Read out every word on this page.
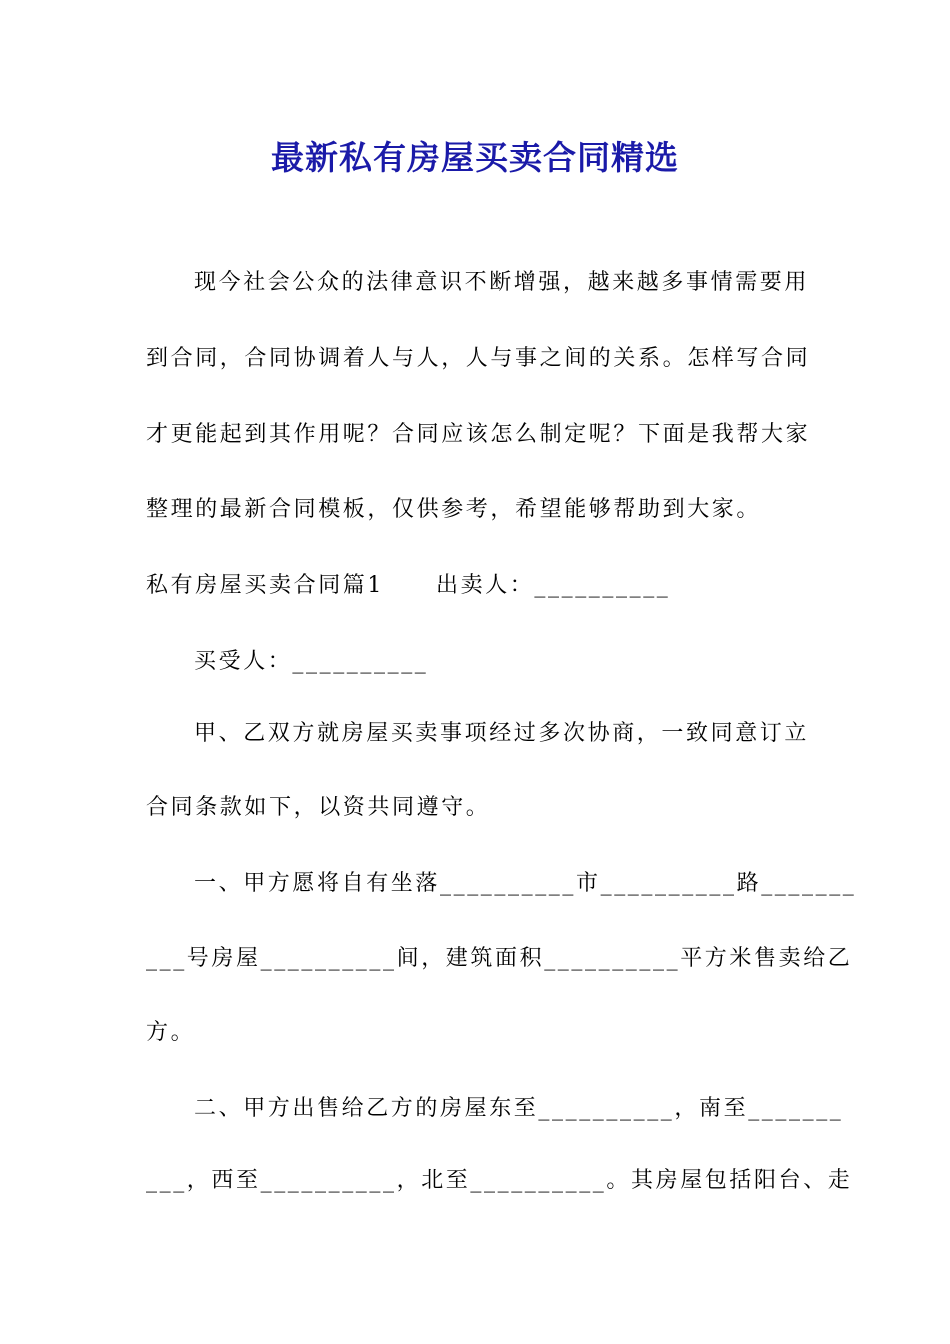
最新私有房屋买卖合同精选
现今社会公众的法律意识不断增强，越来越多事情需要用
到合同，合同协调着人与人，人与事之间的关系。怎样写合同
才更能起到其作用呢？合同应该怎么制定呢？下面是我帮大家
整理的最新合同模板，仅供参考，希望能够帮助到大家。
私有房屋买卖合同篇1 出卖人：__________
买受人：__________
甲、乙双方就房屋买卖事项经过多次协商，一致同意订立
合同条款如下，以资共同遵守。
一、甲方愿将自有坐落__________市__________路_______
___号房屋__________间，建筑面积__________平方米售卖给乙
方。
二、甲方出售给乙方的房屋东至__________，南至_______
___，西至__________，北至__________。其房屋包括阳台、走
